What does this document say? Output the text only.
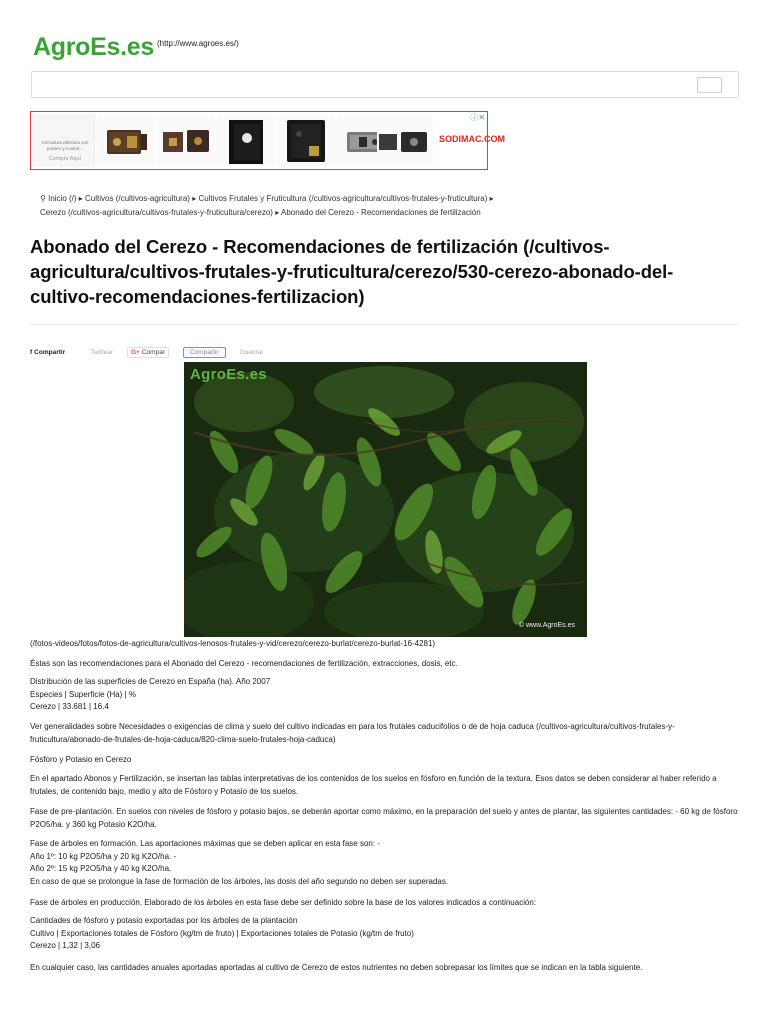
AgroEs.es (http://www.agroes.es/)
Cerradura eléctrica con portero y control...
Compre Aquí
SODIMAC.COM
ⓘ✕
⚲ Inicio (/) ▸ Cultivos (/cultivos-agricultura) ▸ Cultivos Frutales y Fruticultura (/cultivos-agricultura/cultivos-frutales-y-fruticultura) ▸
Cerezo (/cultivos-agricultura/cultivos-frutales-y-fruticultura/cerezo) ▸ Abonado del Cerezo - Recomendaciones de fertilización
Abonado del Cerezo - Recomendaciones de fertilización (/cultivos-agricultura/cultivos-frutales-y-fruticultura/cerezo/530-cerezo-abonado-del-cultivo-recomendaciones-fertilizacion)
f Compartir	Twittear	G+ Compar	Compartir	Guardar
AgroEs.es
© www.AgroEs.es
(/fotos-videos/fotos/fotos-de-agricultura/cultivos-lenosos-frutales-y-vid/cerezo/cerezo-burlat/cerezo-burlat-16-4281)
Éstas son las recomendaciones para el Abonado del Cerezo - recomendaciones de fertilización, extracciones, dosis, etc.
Distribución de las superficies de Cerezo en España (ha). Año 2007
Especies | Superficie (Ha) | %
Cerezo | 33.681 | 16.4
Ver generalidades sobre Necesidades o exigencias de clima y suelo del cultivo indicadas en para los frutales caducifolios o de de hoja caduca (/cultivos-agricultura/cultivos-frutales-y-fruticultura/abonado-de-frutales-de-hoja-caduca/820-clima-suelo-frutales-hoja-caduca)
Fósforo y Potasio en Cerezo
En el apartado Abonos y Fertilización, se insertan las tablas interpretativas de los contenidos de los suelos en fósforo en función de la textura. Esos datos se deben considerar al haber referido a frutales, de contenido bajo, medio y alto de Fósforo y Potasio de los suelos.
Fase de pre-plantación. En suelos con niveles de fósforo y potasio bajos, se deberán aportar como máximo, en la preparación del suelo y antes de plantar, las siguientes cantidades: - 60 kg de fósforo P2O5/ha. y 360 kg Potasio K2O/ha.
Fase de árboles en formación. Las aportaciones máximas que se deben aplicar en esta fase son: -
Año 1º: 10 kg P2O5/ha y 20 kg K2O/ha. -
Año 2º: 15 kg P2O5/ha y 40 kg K2O/ha.
En caso de que se prolongue la fase de formación de los árboles, las dosis del año segundo no deben ser superadas.
Fase de árboles en producción. Elaborado de los árboles en esta fase debe ser definido sobre la base de los valores indicados a continuación:
Cantidades de fósforo y potasio exportadas por los árboles de la plantación
Cultivo | Exportaciones totales de Fósforo (kg/tm de fruto) | Exportaciones totales de Potasio (kg/tm de fruto)
Cerezo | 1,32 | 3,06
En cualquier caso, las cantidades anuales aportadas aportadas al cultivo de Cerezo de estos nutrientes no deben sobrepasar los límites que se indican en la tabla siguiente.
